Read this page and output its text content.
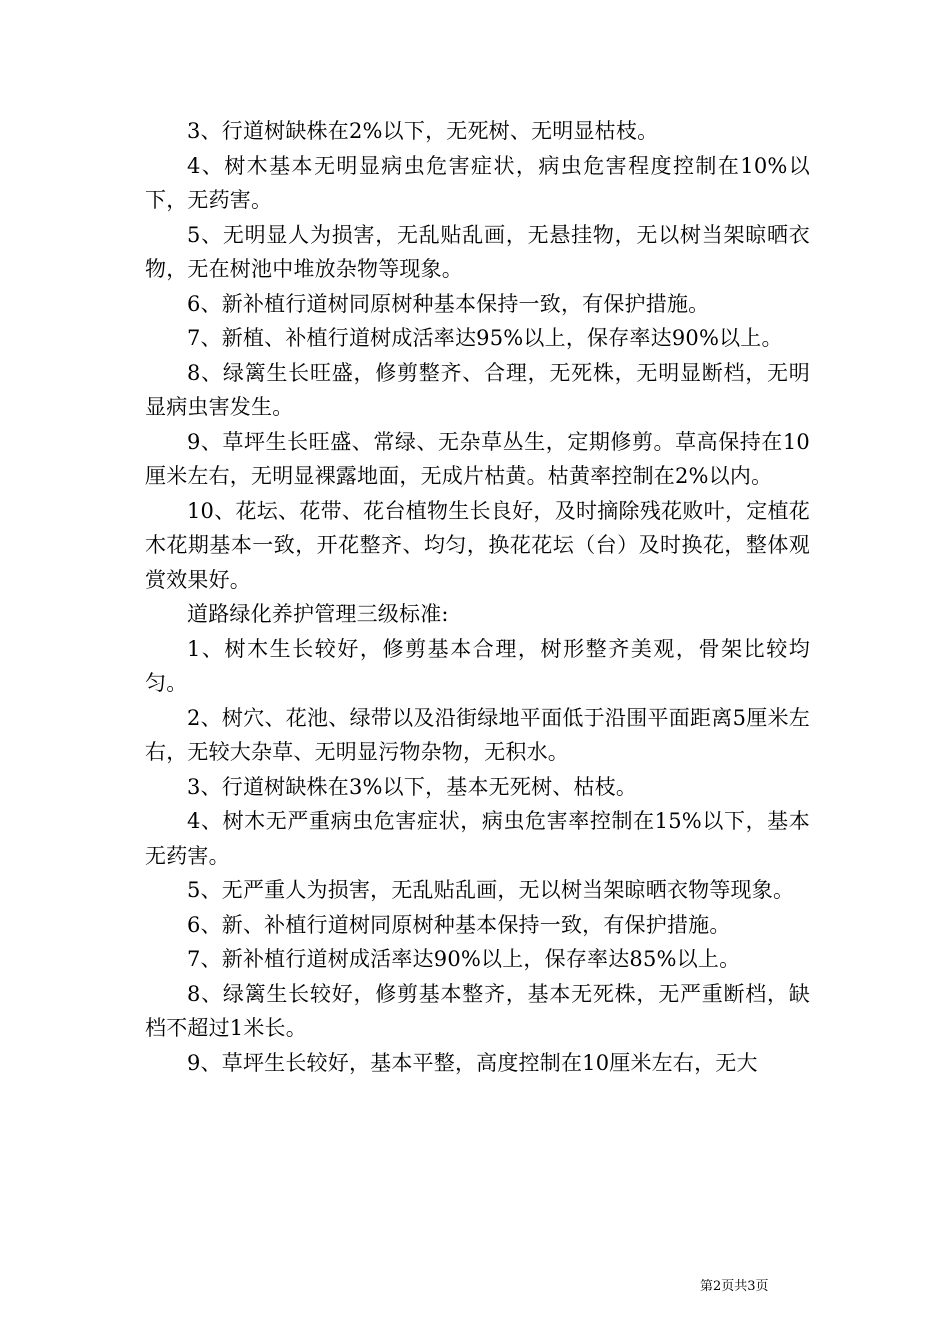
3、行道树缺株在2%以下，无死树、无明显枯枝。

4、树木基本无明显病虫危害症状，病虫危害程度控制在10%以下，无药害。

5、无明显人为损害，无乱贴乱画，无悬挂物，无以树当架晾晒衣物，无在树池中堆放杂物等现象。

6、新补植行道树同原树种基本保持一致，有保护措施。

7、新植、补植行道树成活率达95%以上，保存率达90%以上。

8、绿篱生长旺盛，修剪整齐、合理，无死株，无明显断档，无明显病虫害发生。

9、草坪生长旺盛、常绿、无杂草丛生，定期修剪。草高保持在10厘米左右，无明显裸露地面，无成片枯黄。枯黄率控制在2%以内。

10、花坛、花带、花台植物生长良好，及时摘除残花败叶，定植花木花期基本一致，开花整齐、均匀，换花花坛（台）及时换花，整体观赏效果好。

道路绿化养护管理三级标准:

1、树木生长较好，修剪基本合理，树形整齐美观，骨架比较均匀。

2、树穴、花池、绿带以及沿街绿地平面低于沿围平面距离5厘米左右，无较大杂草、无明显污物杂物，无积水。

3、行道树缺株在3%以下，基本无死树、枯枝。

4、树木无严重病虫危害症状，病虫危害率控制在15%以下，基本无药害。

5、无严重人为损害，无乱贴乱画，无以树当架晾晒衣物等现象。

6、新、补植行道树同原树种基本保持一致，有保护措施。

7、新补植行道树成活率达90%以上，保存率达85%以上。

8、绿篱生长较好，修剪基本整齐，基本无死株，无严重断档，缺档不超过1米长。

9、草坪生长较好，基本平整，高度控制在10厘米左右，无大

第2页共3页
